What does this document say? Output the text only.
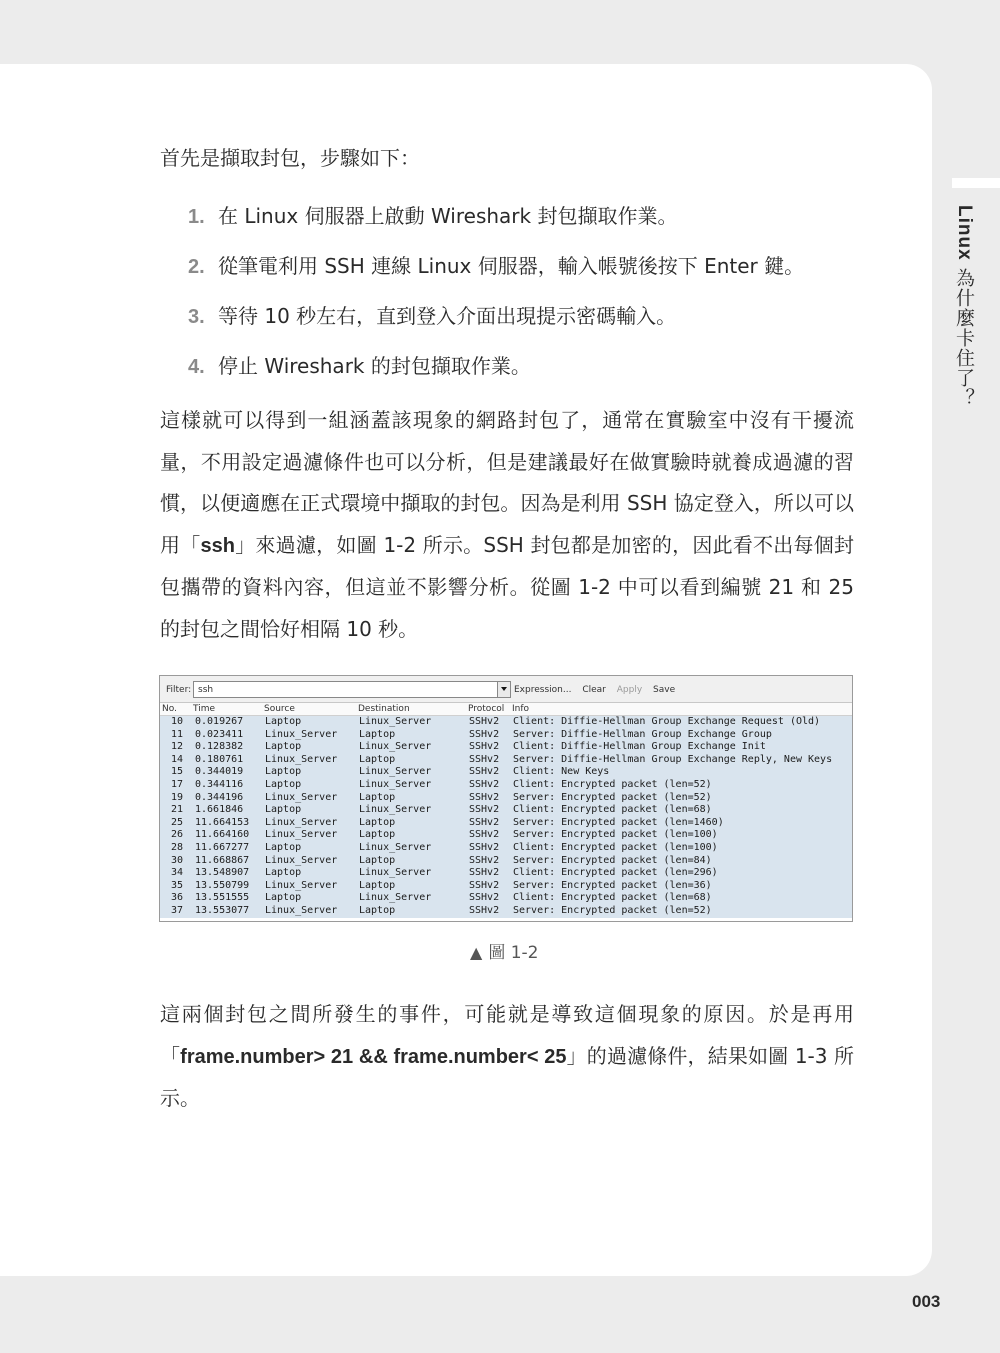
Linux 為什麼卡住了？
首先是擷取封包，步驟如下：
1. 在 Linux 伺服器上啟動 Wireshark 封包擷取作業。
2. 從筆電利用 SSH 連線 Linux 伺服器，輸入帳號後按下 Enter 鍵。
3. 等待 10 秒左右，直到登入介面出現提示密碼輸入。
4. 停止 Wireshark 的封包擷取作業。

這樣就可以得到一組涵蓋該現象的網路封包了，通常在實驗室中沒有干擾流量，不用設定過濾條件也可以分析，但是建議最好在做實驗時就養成過濾的習慣，以便適應在正式環境中擷取的封包。因為是利用 SSH 協定登入，所以可以用「ssh」來過濾，如圖 1-2 所示。SSH 封包都是加密的，因此看不出每個封包攜帶的資料內容，但這並不影響分析。從圖 1-2 中可以看到編號 21 和 25 的封包之間恰好相隔 10 秒。

這兩個封包之間所發生的事件，可能就是導致這個現象的原因。於是再用「frame.number> 21 && frame.number< 25」的過濾條件，結果如圖 1-3 所示。

Filter: ssh	Expression... Clear Apply Save
No. Time	Source	Destination	Protocol Info
10 0.019267 Laptop	Linux_Server	SSHv2 Client: Diffie-Hellman Group Exchange Request (Old)
11 0.023411 Linux_Server Laptop	SSHv2 Server: Diffie-Hellman Group Exchange Group
12 0.128382 Laptop	Linux_Server	SSHv2 Client: Diffie-Hellman Group Exchange Init
14 0.180761 Linux_Server Laptop	SSHv2 Server: Diffie-Hellman Group Exchange Reply, New Keys
15 0.344019 Laptop	Linux_Server	SSHv2 Client: New Keys
17 0.344116 Laptop	Linux_Server	SSHv2 Client: Encrypted packet (len=52)
19 0.344196 Linux_Server Laptop	SSHv2 Server: Encrypted packet (len=52)
21 1.661846 Laptop	Linux_Server	SSHv2 Client: Encrypted packet (len=68)
25 11.664153 Linux_Server Laptop	SSHv2 Server: Encrypted packet (len=1460)
26 11.664160 Linux_Server Laptop	SSHv2 Server: Encrypted packet (len=100)
28 11.667277 Laptop	Linux_Server	SSHv2 Client: Encrypted packet (len=100)
30 11.668867 Linux_Server Laptop	SSHv2 Server: Encrypted packet (len=84)
34 13.548907 Laptop	Linux_Server	SSHv2 Client: Encrypted packet (len=296)
35 13.550799 Linux_Server Laptop	SSHv2 Server: Encrypted packet (len=36)
36 13.551555 Laptop	Linux_Server	SSHv2 Client: Encrypted packet (len=68)
37 13.553077 Linux_Server Laptop	SSHv2 Server: Encrypted packet (len=52)
▲ 圖 1-2
003
